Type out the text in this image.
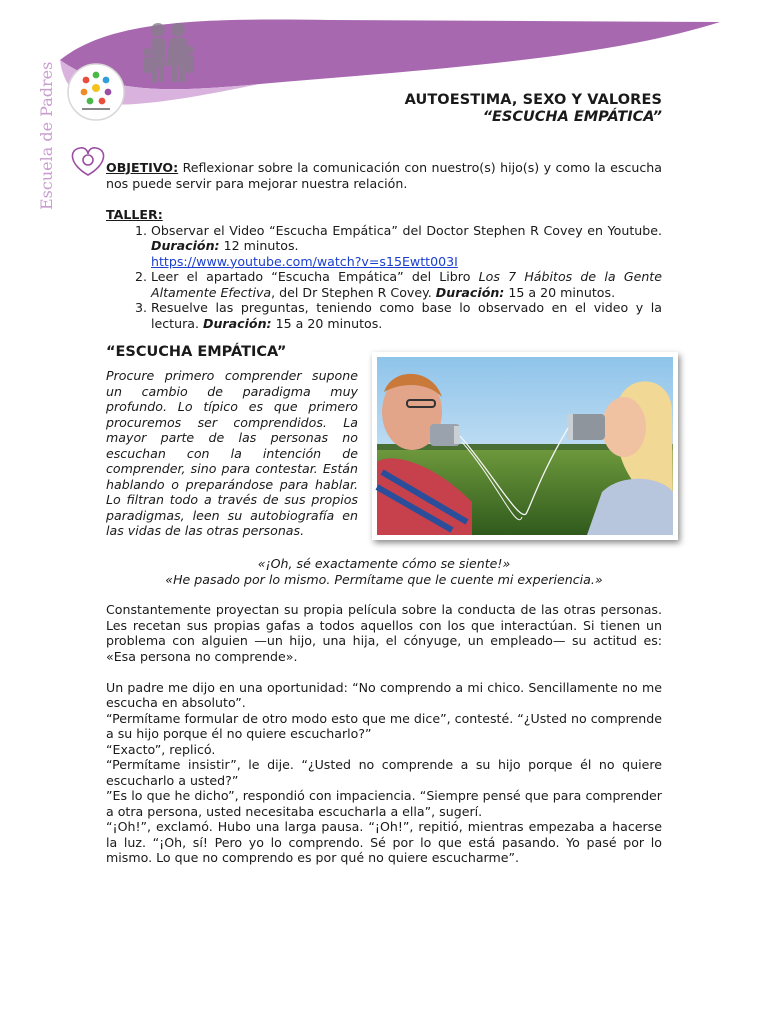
Escuela de Padres	AUTOESTIMA, SEXO Y VALORES
“ESCUCHA EMPÁTICA”
OBJETIVO: Reflexionar sobre la comunicación con nuestro(s) hijo(s) y como la escucha nos puede servir para mejorar nuestra relación.
TALLER:
1. Observar el Video “Escucha Empática” del Doctor Stephen R Covey en Youtube. Duración: 12 minutos.
https://www.youtube.com/watch?v=s15Ewtt003I
2. Leer el apartado “Escucha Empática” del Libro Los 7 Hábitos de la Gente Altamente Efectiva, del Dr Stephen R Covey. Duración: 15 a 20 minutos.
3. Resuelve las preguntas, teniendo como base lo observado en el video y la lectura. Duración: 15 a 20 minutos.
“ESCUCHA EMPÁTICA”
Procure primero comprender supone un cambio de paradigma muy profundo. Lo típico es que primero procuremos ser comprendidos. La mayor parte de las personas no escuchan con la intención de comprender, sino para contestar. Están hablando o preparándose para hablar. Lo filtran todo a través de sus propios paradigmas, leen su autobiografía en las vidas de las otras personas.
«¡Oh, sé exactamente cómo se siente!»
«He pasado por lo mismo. Permítame que le cuente mi experiencia.»

Constantemente proyectan su propia película sobre la conducta de las otras personas. Les recetan sus propias gafas a todos aquellos con los que interactúan. Si tienen un problema con alguien —un hijo, una hija, el cónyuge, un empleado— su actitud es: «Esa persona no comprende».

Un padre me dijo en una oportunidad: “No comprendo a mi chico. Sencillamente no me escucha en absoluto”.

“Permítame formular de otro modo esto que me dice”, contesté. “¿Usted no comprende a su hijo porque él no quiere escucharlo?”

“Exacto”, replicó.

“Permítame insistir”, le dije. “¿Usted no comprende a su hijo porque él no quiere escucharlo a usted?”

”Es lo que he dicho”, respondió con impaciencia. “Siempre pensé que para comprender a otra persona, usted necesitaba escucharla a ella”, sugerí.

“¡Oh!”, exclamó. Hubo una larga pausa. “¡Oh!”, repitió, mientras empezaba a hacerse la luz. “¡Oh, sí! Pero yo lo comprendo. Sé por lo que está pasando. Yo pasé por lo mismo. Lo que no comprendo es por qué no quiere escucharme”.
